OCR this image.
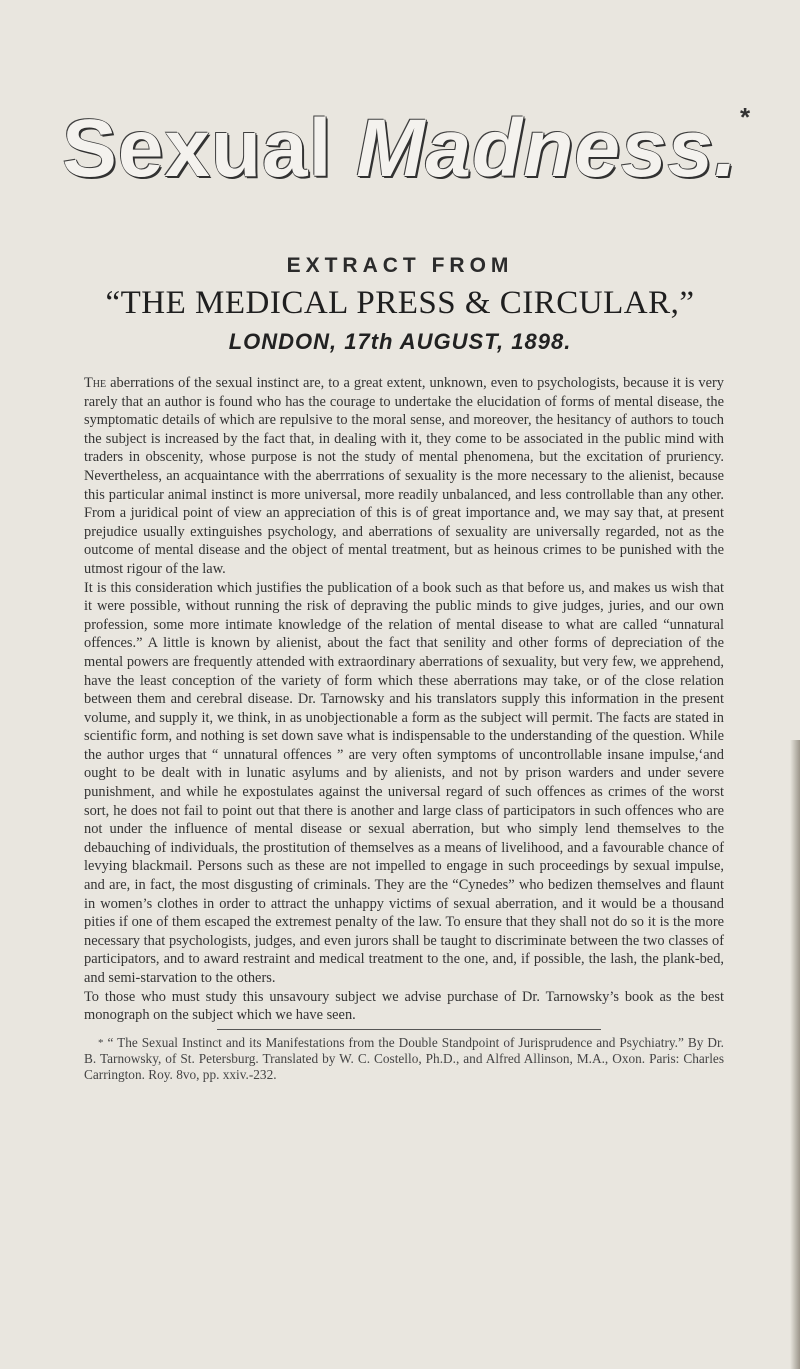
Sexual Madness. *
EXTRACT FROM
“THE MEDICAL PRESS & CIRCULAR,”
LONDON, 17th AUGUST, 1898.

The aberrations of the sexual instinct are, to a great extent, unknown, even to psychologists, because it is very rarely that an author is found who has the courage to undertake the elucidation of forms of mental disease, the symptomatic details of which are repulsive to the moral sense, and moreover, the hesitancy of authors to touch the subject is increased by the fact that, in dealing with it, they come to be associated in the public mind with traders in obscenity, whose purpose is not the study of mental phenomena, but the excitation of pruriency. Nevertheless, an acquaintance with the aberrrations of sexuality is the more necessary to the alienist, because this particular animal instinct is more universal, more readily unbalanced, and less controllable than any other. From a juridical point of view an appreciation of this is of great importance and, we may say that, at present prejudice usually extinguishes psychology, and aberrations of sexuality are universally regarded, not as the outcome of mental disease and the object of mental treatment, but as heinous crimes to be punished with the utmost rigour of the law.

It is this consideration which justifies the publication of a book such as that before us, and makes us wish that it were possible, without running the risk of depraving the public minds to give judges, juries, and our own profession, some more intimate knowledge of the relation of mental disease to what are called “unnatural offences.” A little is known by alienist, about the fact that senility and other forms of depreciation of the mental powers are frequently attended with extraordinary aberrations of sexuality, but very few, we apprehend, have the least conception of the variety of form which these aberrations may take, or of the close relation between them and cerebral disease. Dr. Tarnowsky and his translators supply this information in the present volume, and supply it, we think, in as unobjectionable a form as the subject will permit. The facts are stated in scientific form, and nothing is set down save what is indispensable to the understanding of the question. While the author urges that “ unnatural offences ” are very often symptoms of uncontrollable insane impulse,‘and ought to be dealt with in lunatic asylums and by alienists, and not by prison warders and under severe punishment, and while he expostulates against the universal regard of such offences as crimes of the worst sort, he does not fail to point out that there is another and large class of participators in such offences who are not under the influence of mental disease or sexual aberration, but who simply lend themselves to the debauching of individuals, the prostitution of themselves as a means of livelihood, and a favourable chance of levying blackmail. Persons such as these are not impelled to engage in such proceedings by sexual impulse, and are, in fact, the most disgusting of criminals. They are the “Cynedes” who bedizen themselves and flaunt in women’s clothes in order to attract the unhappy victims of sexual aberration, and it would be a thousand pities if one of them escaped the extremest penalty of the law. To ensure that they shall not do so it is the more necessary that psychologists, judges, and even jurors shall be taught to discriminate between the two classes of participators, and to award restraint and medical treatment to the one, and, if possible, the lash, the plank-bed, and semi-starvation to the others.

To those who must study this unsavoury subject we advise purchase of Dr. Tarnowsky’s book as the best monograph on the subject which we have seen.

* “ The Sexual Instinct and its Manifestations from the Double Standpoint of Jurisprudence and Psychiatry.” By Dr. B. Tarnowsky, of St. Petersburg. Translated by W. C. Costello, Ph.D., and Alfred Allinson, M.A., Oxon. Paris: Charles Carrington. Roy. 8vo, pp. xxiv.-232.
